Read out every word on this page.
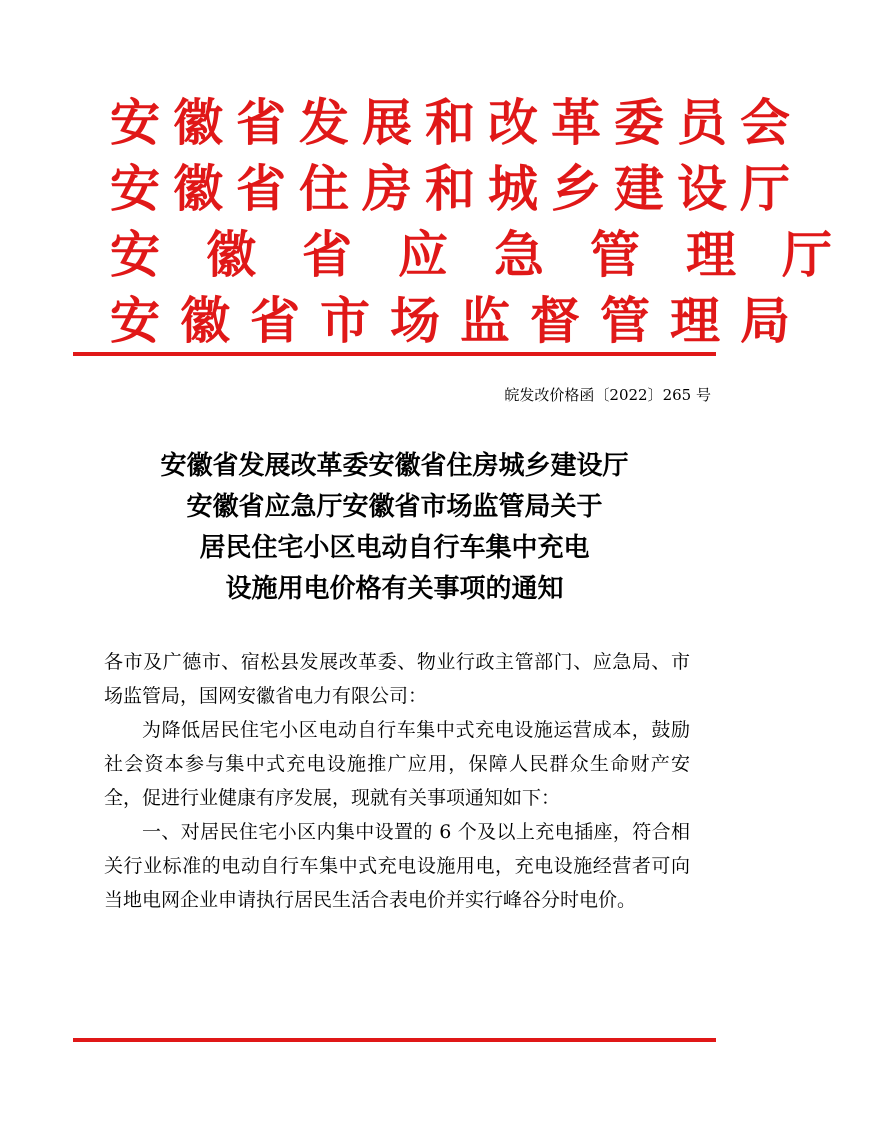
安徽省发展和改革委员会
安徽省住房和城乡建设厅
安徽省应急管理厅
安徽省市场监督管理局
皖发改价格函〔2022〕265 号
安徽省发展改革委安徽省住房城乡建设厅
安徽省应急厅安徽省市场监管局关于
居民住宅小区电动自行车集中充电
设施用电价格有关事项的通知

各市及广德市、宿松县发展改革委、物业行政主管部门、应急局、市场监管局，国网安徽省电力有限公司：

为降低居民住宅小区电动自行车集中式充电设施运营成本，鼓励社会资本参与集中式充电设施推广应用，保障人民群众生命财产安全，促进行业健康有序发展，现就有关事项通知如下：

一、对居民住宅小区内集中设置的 6 个及以上充电插座，符合相关行业标准的电动自行车集中式充电设施用电，充电设施经营者可向当地电网企业申请执行居民生活合表电价并实行峰谷分时电价。
